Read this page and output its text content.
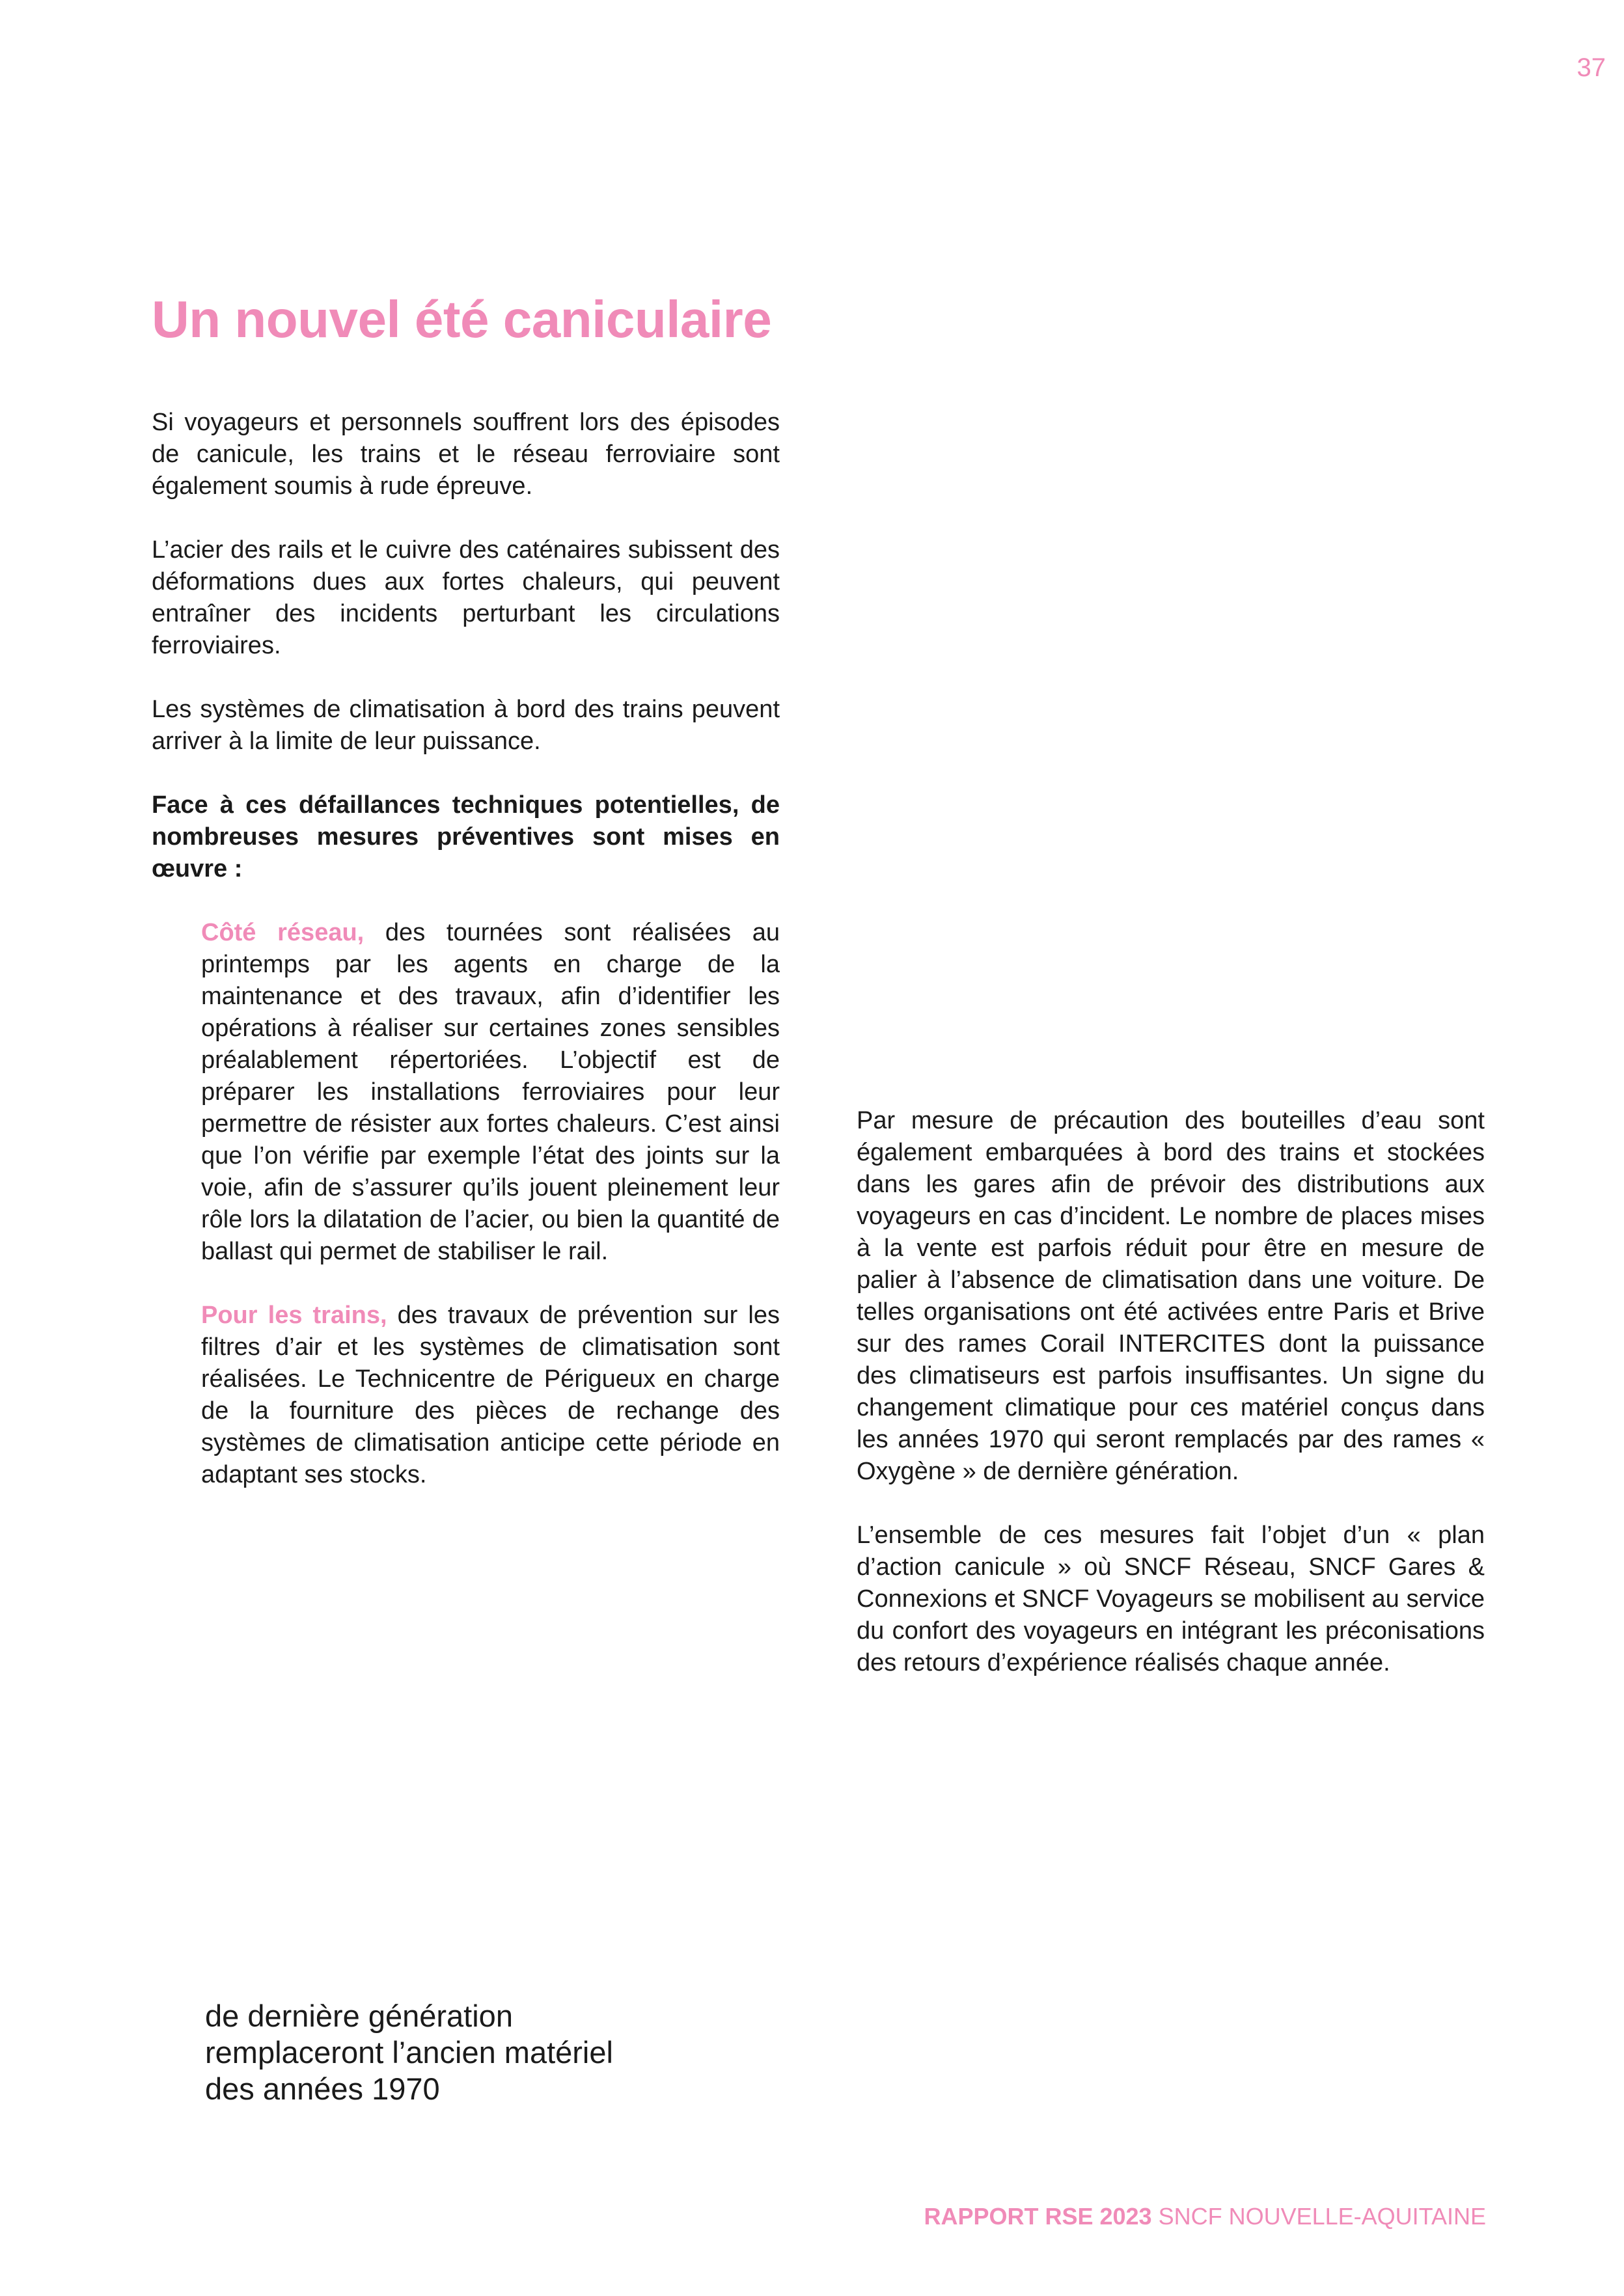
37
Un nouvel été caniculaire

Si voyageurs et personnels souffrent lors des épisodes de canicule, les trains et le réseau ferroviaire sont également soumis à rude épreuve.

L’acier des rails et le cuivre des caténaires subissent des déformations dues aux fortes chaleurs, qui peuvent entraîner des incidents perturbant les circulations ferroviaires.

Les systèmes de climatisation à bord des trains peuvent arriver à la limite de leur puissance.

Face à ces défaillances techniques potentielles, de nombreuses mesures préventives sont mises en œuvre :

Côté réseau, des tournées sont réalisées au printemps par les agents en charge de la maintenance et des travaux, afin d’identifier les opérations à réaliser sur certaines zones sensibles préalablement répertoriées. L’objectif est de préparer les installations ferroviaires pour leur permettre de résister aux fortes chaleurs. C’est ainsi que l’on vérifie par exemple l’état des joints sur la voie, afin de s’assurer qu’ils jouent pleinement leur rôle lors la dilatation de l’acier, ou bien la quantité de ballast qui permet de stabiliser le rail.

Pour les trains, des travaux de prévention sur les filtres d’air et les systèmes de climatisation sont réalisées. Le Technicentre de Périgueux en charge de la fourniture des pièces de rechange des systèmes de climatisation anticipe cette période en adaptant ses stocks.

Par mesure de précaution des bouteilles d’eau sont également embarquées à bord des trains et stockées dans les gares afin de prévoir des distributions aux voyageurs en cas d’incident. Le nombre de places mises à la vente est parfois réduit pour être en mesure de palier à l’absence de climatisation dans une voiture. De telles organisations ont été activées entre Paris et Brive sur des rames Corail INTERCITES dont la puissance des climatiseurs est parfois insuffisantes. Un signe du changement climatique pour ces matériel conçus dans les années 1970 qui seront remplacés par des rames « Oxygène » de dernière génération.

L’ensemble de ces mesures fait l’objet d’un « plan d’action canicule » où SNCF Réseau, SNCF Gares & Connexions et SNCF Voyageurs se mobilisent au service du confort des voyageurs en intégrant les préconisations des retours d’expérience réalisés chaque année.

de dernière génération
remplaceront l’ancien matériel
des années 1970
RAPPORT RSE 2023 SNCF NOUVELLE-AQUITAINE
